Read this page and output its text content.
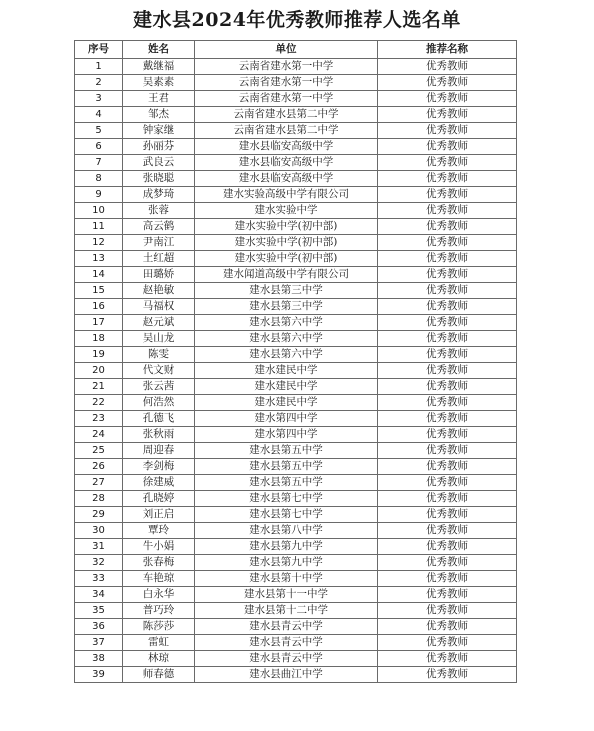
建水县2024年优秀教师推荐人选名单
序号	姓名	单位	推荐名称
1	戴继福	云南省建水第一中学	优秀教师
2	吴素素	云南省建水第一中学	优秀教师
3	王君	云南省建水第一中学	优秀教师
4	邹杰	云南省建水县第二中学	优秀教师
5	钟家继	云南省建水县第二中学	优秀教师
6	孙丽芬	建水县临安高级中学	优秀教师
7	武良云	建水县临安高级中学	优秀教师
8	张晓聪	建水县临安高级中学	优秀教师
9	成梦琦	建水实验高级中学有限公司	优秀教师
10	张蓉	建水实验中学	优秀教师
11	高云鹤	建水实验中学(初中部)	优秀教师
12	尹南江	建水实验中学(初中部)	优秀教师
13	土红超	建水实验中学(初中部)	优秀教师
14	田璐娇	建水闻道高级中学有限公司	优秀教师
15	赵艳敏	建水县第三中学	优秀教师
16	马福权	建水县第三中学	优秀教师
17	赵元斌	建水县第六中学	优秀教师
18	吴山龙	建水县第六中学	优秀教师
19	陈雯	建水县第六中学	优秀教师
20	代文财	建水建民中学	优秀教师
21	张云茜	建水建民中学	优秀教师
22	何浩然	建水建民中学	优秀教师
23	孔德飞	建水第四中学	优秀教师
24	张秋雨	建水第四中学	优秀教师
25	周迎春	建水县第五中学	优秀教师
26	李剑梅	建水县第五中学	优秀教师
27	徐建威	建水县第五中学	优秀教师
28	孔晓婷	建水县第七中学	优秀教师
29	刘正启	建水县第七中学	优秀教师
30	覃玲	建水县第八中学	优秀教师
31	牛小娟	建水县第九中学	优秀教师
32	张春梅	建水县第九中学	优秀教师
33	车艳琼	建水县第十中学	优秀教师
34	白永华	建水县第十一中学	优秀教师
35	普巧玲	建水县第十二中学	优秀教师
36	陈莎莎	建水县青云中学	优秀教师
37	雷虹	建水县青云中学	优秀教师
38	林琼	建水县青云中学	优秀教师
39	师春德	建水县曲江中学	优秀教师
